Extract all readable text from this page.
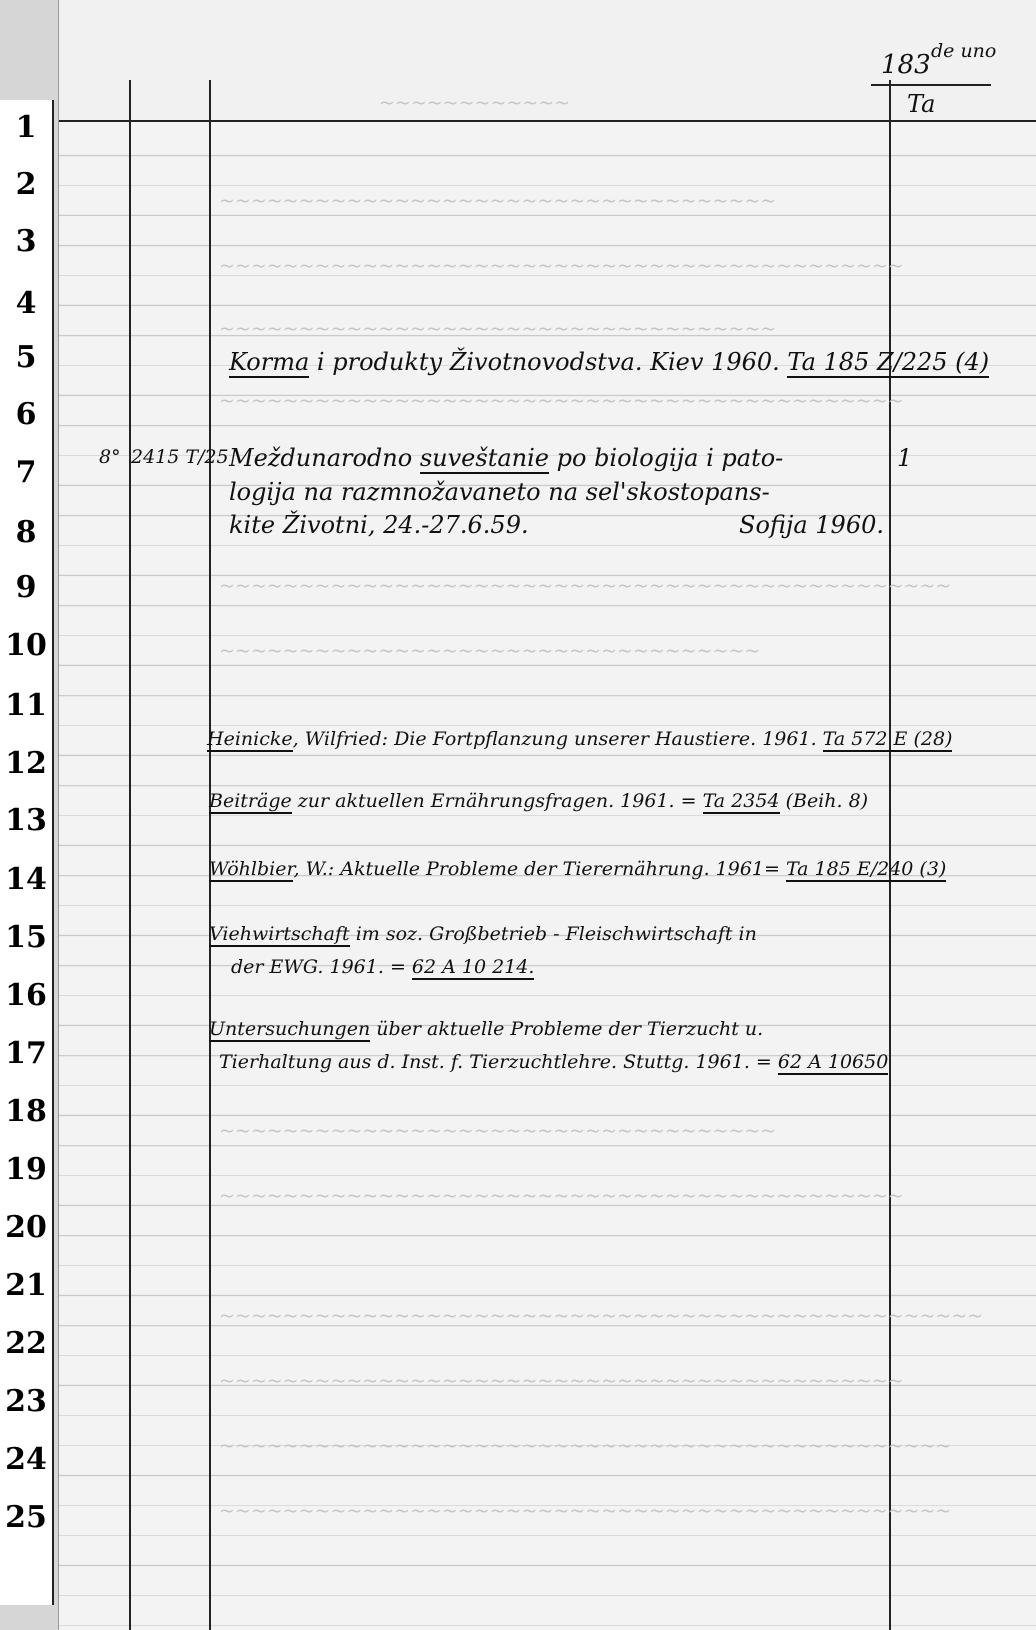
1
2
3
4
5
6
7
8
9
10
11
12
13
14
15
16
17
18
19
20
21
22
23
24
25
~~~~~~~~~~~~
~~~~~~~~~~~~~~~~~~~~~~~~~~~~~~~~~~~
~~~~~~~~~~~~~~~~~~~~~~~~~~~~~~~~~~~~~~~~~~~
~~~~~~~~~~~~~~~~~~~~~~~~~~~~~~~~~~~
~~~~~~~~~~~~~~~~~~~~~~~~~~~~~~~~~~~~~~~~~~~
~~~~~~~~~~~~~~~~~~~~~~~~~~~~~~~~~~~~~~~~~~~~~~
~~~~~~~~~~~~~~~~~~~~~~~~~~~~~~~~~~
~~~~~~~~~~~~~~~~~~~~~~~~~~~~~~~~~~~
~~~~~~~~~~~~~~~~~~~~~~~~~~~~~~~~~~~~~~~~~~~
~~~~~~~~~~~~~~~~~~~~~~~~~~~~~~~~~~~~~~~~~~~~~~~~
~~~~~~~~~~~~~~~~~~~~~~~~~~~~~~~~~~~~~~~~~~~
~~~~~~~~~~~~~~~~~~~~~~~~~~~~~~~~~~~~~~~~~~~~~~
~~~~~~~~~~~~~~~~~~~~~~~~~~~~~~~~~~~~~~~~~~~~~~
183 de uno
Ta
Korma i produkty Životnovodstva. Kiev 1960. Ta 185 Z/225 (4)
8° 2415 T/25 Meždunarodno suveštanie po biologija i pato-	1
logija na razmnožavaneto na sel'skostopans-
kite Životni, 24.-27.6.59.	Sofija 1960.
Heinicke, Wilfried: Die Fortpflanzung unserer Haustiere. 1961. Ta 572 E (28)
Beiträge zur aktuellen Ernährungsfragen. 1961. = Ta 2354 (Beih. 8)
Wöhlbier, W.: Aktuelle Probleme der Tierernährung. 1961= Ta 185 E/240 (3)
Viehwirtschaft im soz. Großbetrieb - Fleischwirtschaft in
der EWG. 1961. = 62 A 10 214.
Untersuchungen über aktuelle Probleme der Tierzucht u.
Tierhaltung aus d. Inst. f. Tierzuchtlehre. Stuttg. 1961. = 62 A 10650
